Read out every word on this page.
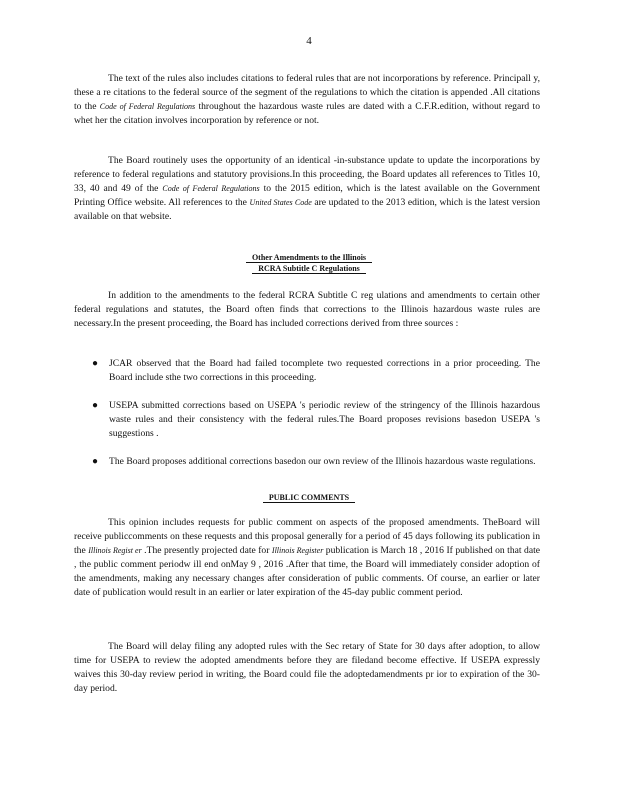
4

The text of the rules also includes citations to federal rules that are not incorporations by reference. Principall y, these a re citations to the federal source of the segment of the regulations to which the citation is appended .All citations to the Code of Federal Regulations throughout the hazardous waste rules are dated with a C.F.R.edition, without regard to whet her the citation involves incorporation by reference or not.

The Board routinely uses the opportunity of an identical -in-substance update to update the incorporations by reference to federal regulations and statutory provisions.In this proceeding, the Board updates all references to Titles 10, 33, 40 and 49 of the Code of Federal Regulations to the 2015 edition, which is the latest available on the Government Printing Office website. All references to the United States Code are updated to the 2013 edition, which is the latest version available on that website.

Other Amendments to the Illinois
RCRA Subtitle C Regulations

In addition to the amendments to the federal RCRA Subtitle C reg ulations and amendments to certain other federal regulations and statutes, the Board often finds that corrections to the Illinois hazardous waste rules are necessary.In the present proceeding, the Board has included corrections derived from three sources :

● JCAR observed that the Board had failed tocomplete two requested corrections in a prior proceeding. The Board include sthe two corrections in this proceeding.
● USEPA submitted corrections based on USEPA 's periodic review of the stringency of the Illinois hazardous waste rules and their consistency with the federal rules.The Board proposes revisions basedon USEPA 's suggestions .
● The Board proposes additional corrections basedon our own review of the Illinois hazardous waste regulations.
PUBLIC COMMENTS

This opinion includes requests for public comment on aspects of the proposed amendments. TheBoard will receive publiccomments on these requests and this proposal generally for a period of 45 days following its publication in the Illinois Regist er .The presently projected date for Illinois Register publication is March 18 , 2016 If published on that date , the public comment periodw ill end onMay 9 , 2016 .After that time, the Board will immediately consider adoption of the amendments, making any necessary changes after consideration of public comments. Of course, an earlier or later date of publication would result in an earlier or later expiration of the 45-day public comment period.

The Board will delay filing any adopted rules with the Sec retary of State for 30 days after adoption, to allow time for USEPA to review the adopted amendments before they are filedand become effective. If USEPA expressly waives this 30-day review period in writing, the Board could file the adoptedamendments pr ior to expiration of the 30-day period.
